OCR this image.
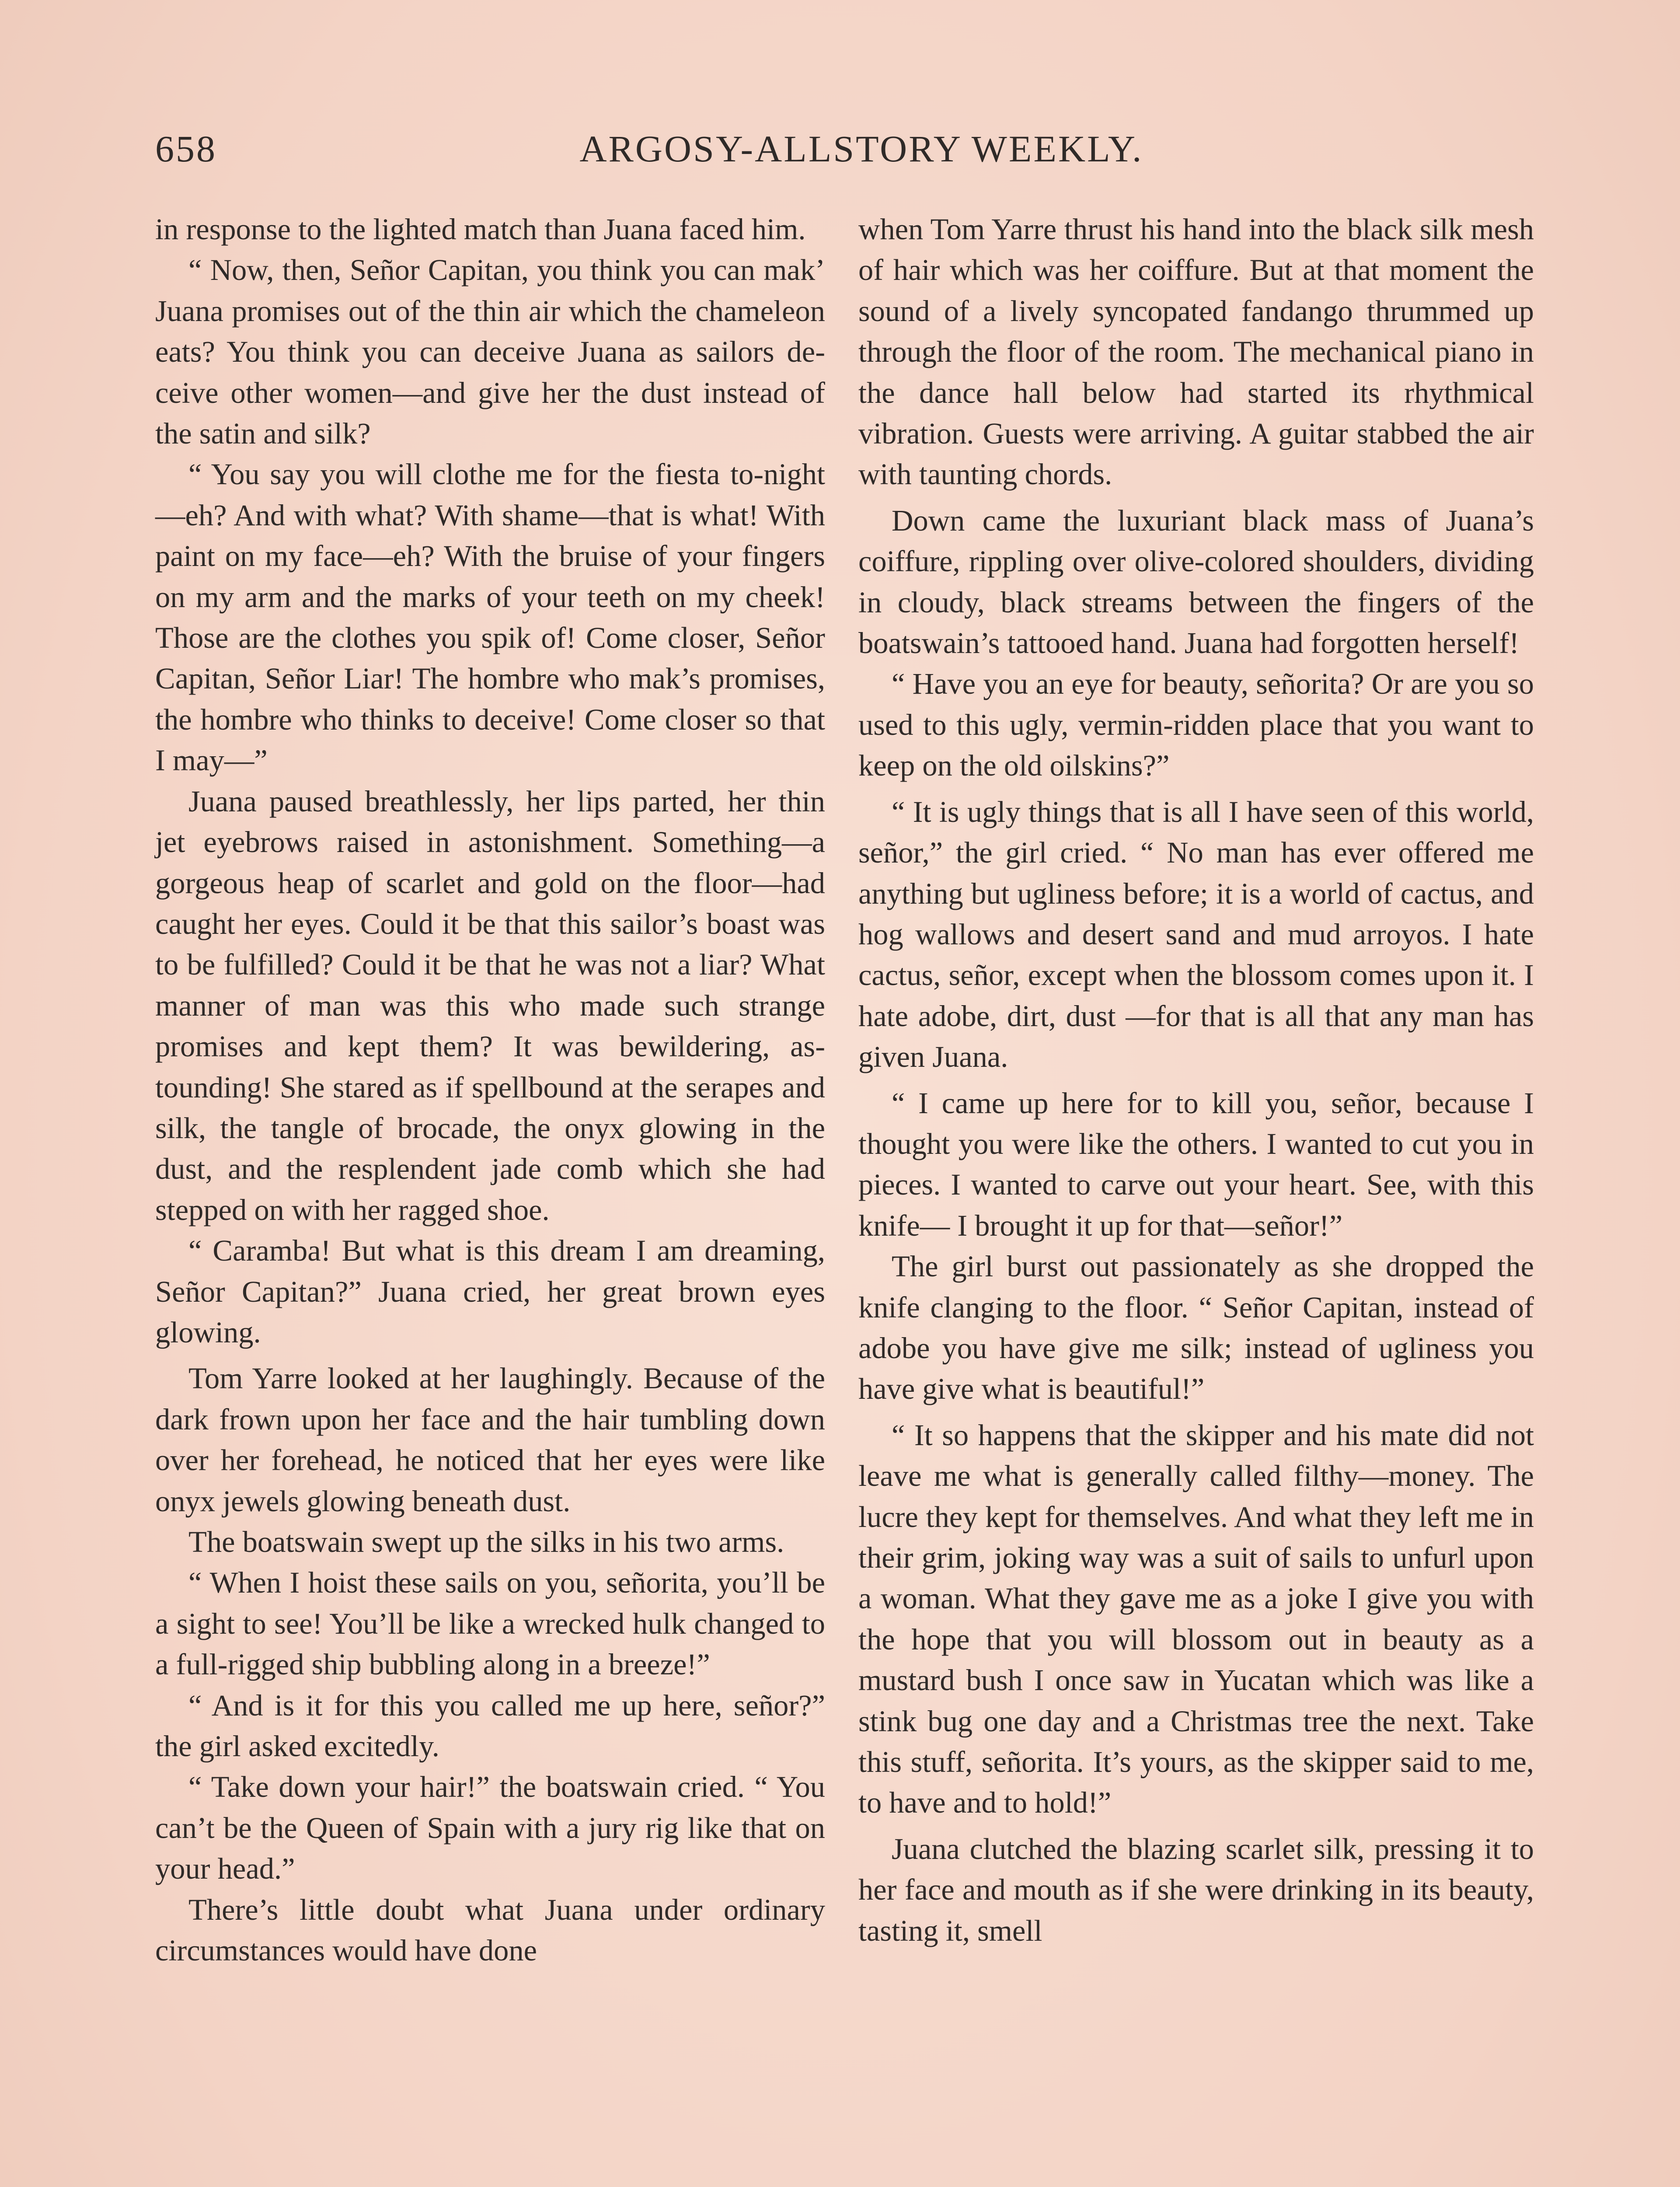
658	ARGOSY-ALLSTORY WEEKLY.

in response to the lighted match than Juana faced him.

“ Now, then, Señor Capitan, you think you can mak’ Juana promises out of the thin air which the chameleon eats? You think you can deceive Juana as sailors deceive other women—and give her the dust instead of the satin and silk?

“ You say you will clothe me for the fiesta to-night—eh? And with what? With shame—that is what! With paint on my face—eh? With the bruise of your fingers on my arm and the marks of your teeth on my cheek! Those are the clothes you spik of! Come closer, Señor Capitan, Señor Liar! The hombre who mak’s promises, the hombre who thinks to deceive! Come closer so that I may—”

Juana paused breathlessly, her lips parted, her thin jet eyebrows raised in astonishment. Something—a gorgeous heap of scarlet and gold on the floor—had caught her eyes. Could it be that this sailor’s boast was to be fulfilled? Could it be that he was not a liar? What manner of man was this who made such strange promises and kept them? It was bewildering, astounding! She stared as if spellbound at the serapes and silk, the tangle of brocade, the onyx glowing in the dust, and the resplendent jade comb which she had stepped on with her ragged shoe.

“ Caramba! But what is this dream I am dreaming, Señor Capitan?” Juana cried, her great brown eyes glowing.

Tom Yarre looked at her laughingly. Because of the dark frown upon her face and the hair tumbling down over her forehead, he noticed that her eyes were like onyx jewels glowing beneath dust.

The boatswain swept up the silks in his two arms.

“ When I hoist these sails on you, señorita, you’ll be a sight to see! You’ll be like a wrecked hulk changed to a full-rigged ship bubbling along in a breeze!”

“ And is it for this you called me up here, señor?” the girl asked excitedly.

“ Take down your hair!” the boatswain cried. “ You can’t be the Queen of Spain with a jury rig like that on your head.”

There’s little doubt what Juana under ordinary circumstances would have done

when Tom Yarre thrust his hand into the black silk mesh of hair which was her coiffure. But at that moment the sound of a lively syncopated fandango thrummed up through the floor of the room. The mechanical piano in the dance hall below had started its rhythmical vibration. Guests were arriving. A guitar stabbed the air with taunting chords.

Down came the luxuriant black mass of Juana’s coiffure, rippling over olive-colored shoulders, dividing in cloudy, black streams between the fingers of the boatswain’s tattooed hand. Juana had forgotten herself!

“ Have you an eye for beauty, señorita? Or are you so used to this ugly, vermin-ridden place that you want to keep on the old oilskins?”

“ It is ugly things that is all I have seen of this world, señor,” the girl cried. “ No man has ever offered me anything but ugliness before; it is a world of cactus, and hog wallows and desert sand and mud arroyos. I hate cactus, señor, except when the blossom comes upon it. I hate adobe, dirt, dust —for that is all that any man has given Juana.

“ I came up here for to kill you, señor, because I thought you were like the others. I wanted to cut you in pieces. I wanted to carve out your heart. See, with this knife— I brought it up for that—señor!”

The girl burst out passionately as she dropped the knife clanging to the floor. “ Señor Capitan, instead of adobe you have give me silk; instead of ugliness you have give what is beautiful!”

“ It so happens that the skipper and his mate did not leave me what is generally called filthy—money. The lucre they kept for themselves. And what they left me in their grim, joking way was a suit of sails to unfurl upon a woman. What they gave me as a joke I give you with the hope that you will blossom out in beauty as a mustard bush I once saw in Yucatan which was like a stink bug one day and a Christmas tree the next. Take this stuff, señorita. It’s yours, as the skipper said to me, to have and to hold!”

Juana clutched the blazing scarlet silk, pressing it to her face and mouth as if she were drinking in its beauty, tasting it, smell
